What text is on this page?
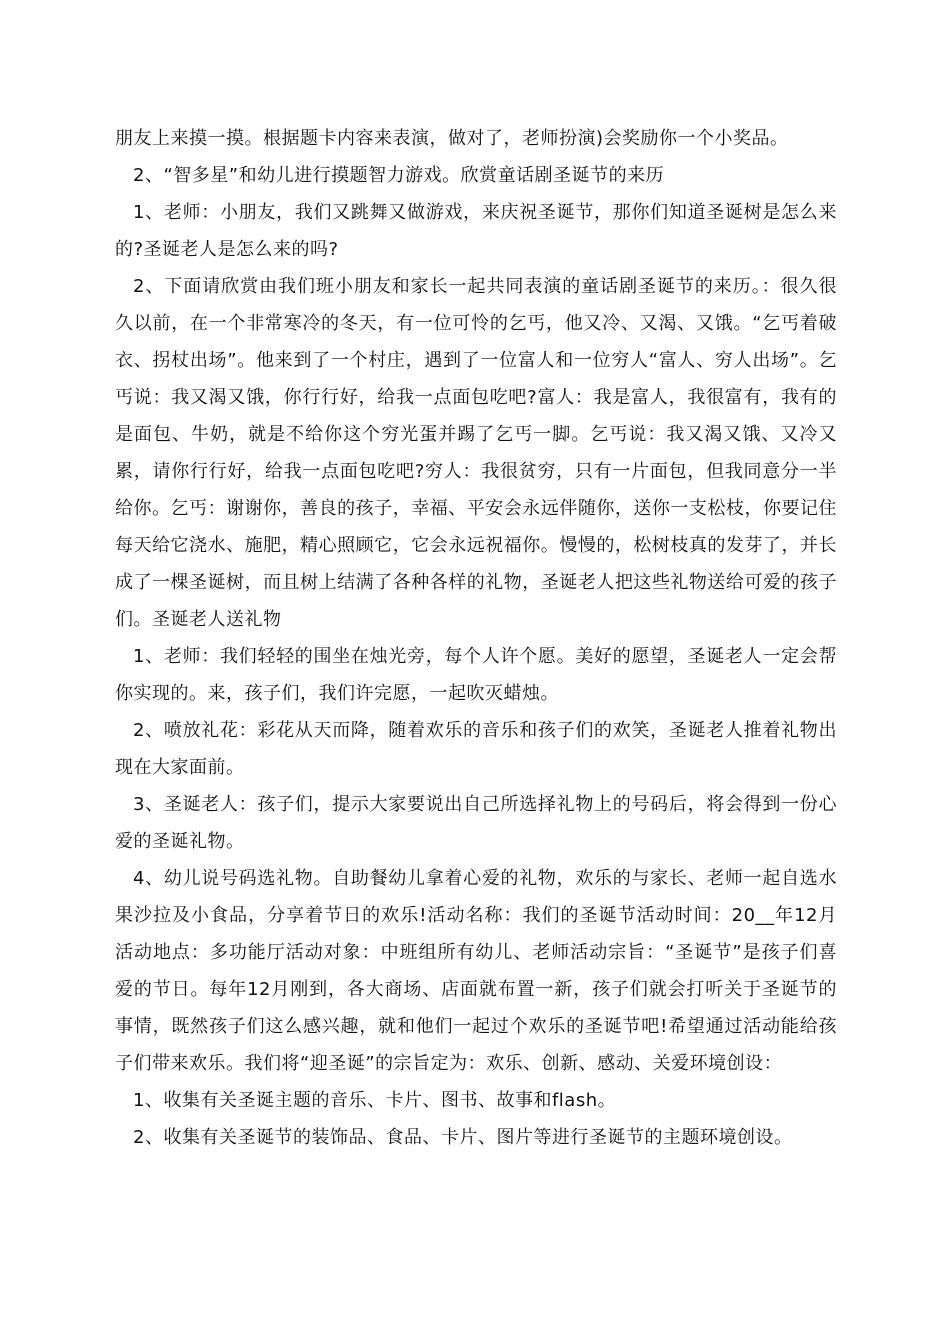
朋友上来摸一摸。根据题卡内容来表演，做对了，老师扮演)会奖励你一个小奖品。

2、“智多星”和幼儿进行摸题智力游戏。欣赏童话剧圣诞节的来历

1、老师：小朋友，我们又跳舞又做游戏，来庆祝圣诞节，那你们知道圣诞树是怎么来的?圣诞老人是怎么来的吗?

2、下面请欣赏由我们班小朋友和家长一起共同表演的童话剧圣诞节的来历。：很久很久以前，在一个非常寒冷的冬天，有一位可怜的乞丐，他又冷、又渴、又饿。“乞丐着破衣、拐杖出场”。他来到了一个村庄，遇到了一位富人和一位穷人“富人、穷人出场”。乞丐说：我又渴又饿，你行行好，给我一点面包吃吧?富人：我是富人，我很富有，我有的是面包、牛奶，就是不给你这个穷光蛋并踢了乞丐一脚。乞丐说：我又渴又饿、又冷又累，请你行行好，给我一点面包吃吧?穷人：我很贫穷，只有一片面包，但我同意分一半给你。乞丐：谢谢你，善良的孩子，幸福、平安会永远伴随你，送你一支松枝，你要记住每天给它浇水、施肥，精心照顾它，它会永远祝福你。慢慢的，松树枝真的发芽了，并长成了一棵圣诞树，而且树上结满了各种各样的礼物，圣诞老人把这些礼物送给可爱的孩子们。圣诞老人送礼物

1、老师：我们轻轻的围坐在烛光旁，每个人许个愿。美好的愿望，圣诞老人一定会帮你实现的。来，孩子们，我们许完愿，一起吹灭蜡烛。

2、喷放礼花：彩花从天而降，随着欢乐的音乐和孩子们的欢笑，圣诞老人推着礼物出现在大家面前。

3、圣诞老人：孩子们，提示大家要说出自己所选择礼物上的号码后，将会得到一份心爱的圣诞礼物。

4、幼儿说号码选礼物。自助餐幼儿拿着心爱的礼物，欢乐的与家长、老师一起自选水果沙拉及小食品，分享着节日的欢乐!活动名称：我们的圣诞节活动时间：20__年12月活动地点：多功能厅活动对象：中班组所有幼儿、老师活动宗旨：“圣诞节”是孩子们喜爱的节日。每年12月刚到，各大商场、店面就布置一新，孩子们就会打听关于圣诞节的事情，既然孩子们这么感兴趣，就和他们一起过个欢乐的圣诞节吧!希望通过活动能给孩子们带来欢乐。我们将“迎圣诞”的宗旨定为：欢乐、创新、感动、关爱环境创设：

1、收集有关圣诞主题的音乐、卡片、图书、故事和flash。

2、收集有关圣诞节的装饰品、食品、卡片、图片等进行圣诞节的主题环境创设。
